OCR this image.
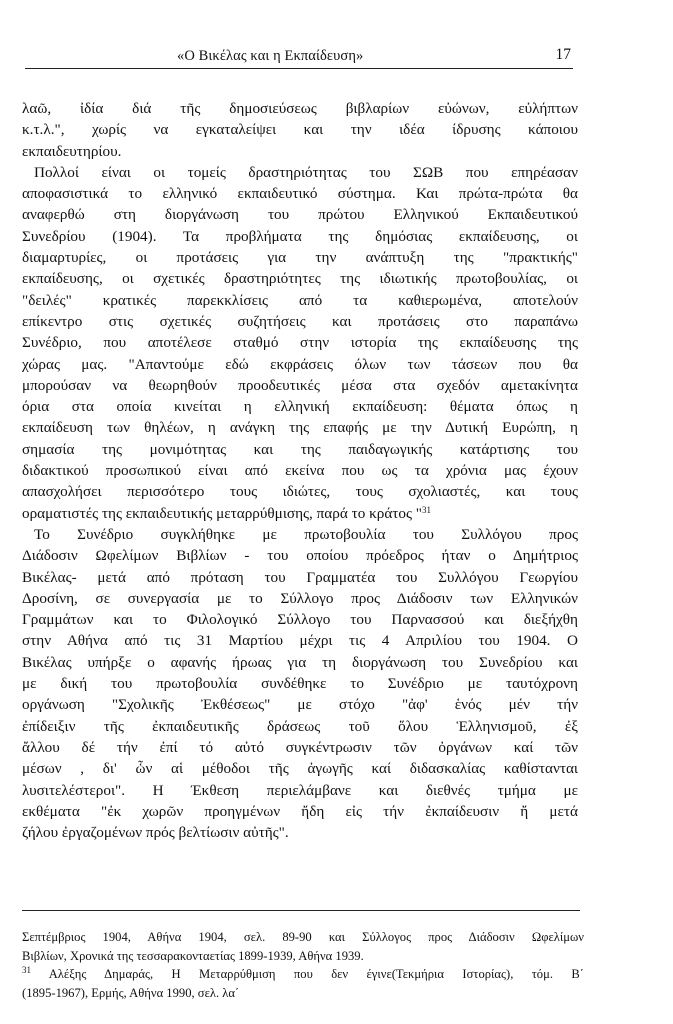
«Ο Βικέλας και η Εκπαίδευση»	17
λαῶ, ἰδία διά τῆς δημοσιεύσεως βιβλαρίων εὐώνων, εὐλήπτων
κ.τ.λ.", χωρίς να εγκαταλείψει και την ιδέα ίδρυσης κάποιου
εκπαιδευτηρίου.
Πολλοί είναι οι τομείς δραστηριότητας του ΣΩΒ που επηρέασαν
αποφασιστικά το ελληνικό εκπαιδευτικό σύστημα. Και πρώτα-πρώτα θα
αναφερθώ στη διοργάνωση του πρώτου Ελληνικού Εκπαιδευτικού
Συνεδρίου (1904). Τα προβλήματα της δημόσιας εκπαίδευσης, οι
διαμαρτυρίες, οι προτάσεις για την ανάπτυξη της "πρακτικής"
εκπαίδευσης, οι σχετικές δραστηριότητες της ιδιωτικής πρωτοβουλίας, οι
"δειλές" κρατικές παρεκκλίσεις από τα καθιερωμένα, αποτελούν
επίκεντρο στις σχετικές συζητήσεις και προτάσεις στο παραπάνω
Συνέδριο, που αποτέλεσε σταθμό στην ιστορία της εκπαίδευσης της
χώρας μας. "Απαντούμε εδώ εκφράσεις όλων των τάσεων που θα
μπορούσαν να θεωρηθούν προοδευτικές μέσα στα σχεδόν αμετακίνητα
όρια στα οποία κινείται η ελληνική εκπαίδευση: θέματα όπως η
εκπαίδευση των θηλέων, η ανάγκη της επαφής με την Δυτική Ευρώπη, η
σημασία της μονιμότητας και της παιδαγωγικής κατάρτισης του
διδακτικού προσωπικού είναι από εκείνα που ως τα χρόνια μας έχουν
απασχολήσει περισσότερο τους ιδιώτες, τους σχολιαστές, και τους
οραματιστές της εκπαιδευτικής μεταρρύθμισης, παρά το κράτος "$^{31}$
Το Συνέδριο συγκλήθηκε με πρωτοβουλία του Συλλόγου προς
Διάδοσιν Ωφελίμων Βιβλίων - του οποίου πρόεδρος ήταν ο Δημήτριος
Βικέλας- μετά από πρόταση του Γραμματέα του Συλλόγου Γεωργίου
Δροσίνη, σε συνεργασία με το Σύλλογο προς Διάδοσιν των Ελληνικών
Γραμμάτων και το Φιλολογικό Σύλλογο του Παρνασσού και διεξήχθη
στην Αθήνα από τις 31 Μαρτίου μέχρι τις 4 Απριλίου του 1904. Ο
Βικέλας υπήρξε ο αφανής ήρωας για τη διοργάνωση του Συνεδρίου και
με δική του πρωτοβουλία συνδέθηκε το Συνέδριο με ταυτόχρονη
οργάνωση "Σχολικῆς Ἐκθέσεως" με στόχο "ἀφ' ἑνός μέν τήν
ἐπίδειξιν τῆς ἐκπαιδευτικῆς δράσεως τοῦ ὅλου Ἑλληνισμοῦ, ἐξ
ἄλλου δέ τήν ἐπί τό αὐτό συγκέντρωσιν τῶν ὀργάνων καί τῶν
μέσων , δι' ὧν αἱ μέθοδοι τῆς ἀγωγῆς καί διδασκαλίας καθίστανται
λυσιτελέστεροι". Η Έκθεση περιελάμβανε και διεθνές τμήμα με
εκθέματα "ἐκ χωρῶν προηγμένων ἤδη εἰς τήν ἐκπαίδευσιν ἤ μετά
ζήλου ἐργαζομένων πρός βελτίωσιν αὐτῆς".
Σεπτέμβριος 1904, Αθήνα 1904, σελ. 89-90 και Σύλλογος προς Διάδοσιν Ωφελίμων
Βιβλίων, Χρονικά της τεσσαρακονταετίας 1899-1939, Αθήνα 1939.
$^{31}$ Αλέξης Δημαράς, Η Μεταρρύθμιση που δεν έγινε(Τεκμήρια Ιστορίας), τόμ. Β΄
(1895-1967), Ερμής, Αθήνα 1990, σελ. λα΄
